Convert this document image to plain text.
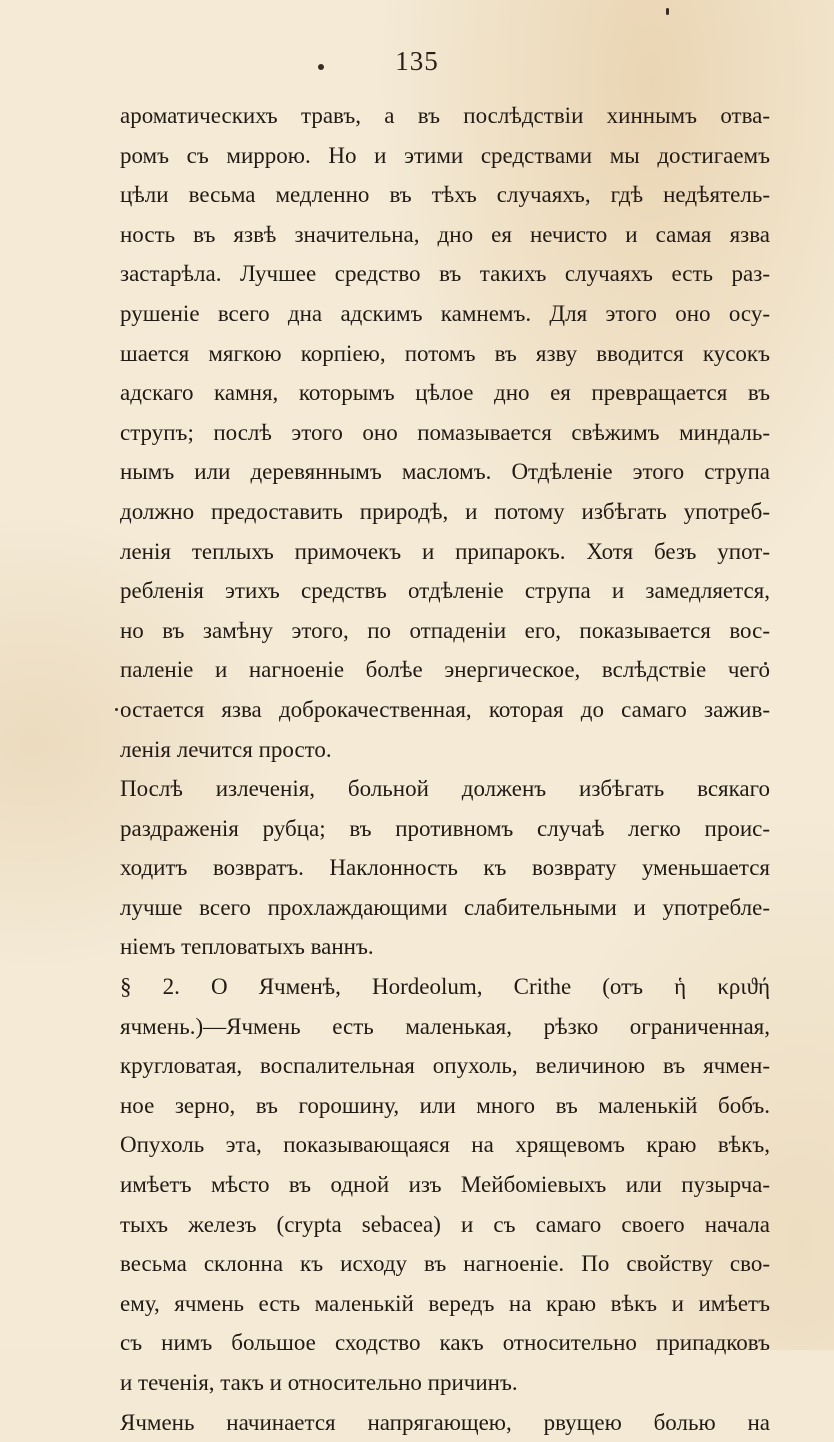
135
ароматическихъ травъ, а въ послѣдствіи хиннымъ отва-
ромъ съ миррою. Но и этими средствами мы достигаемъ
цѣли весьма медленно въ тѣхъ случаяхъ, гдѣ недѣятель-
ность въ язвѣ значительна, дно ея нечисто и самая язва
застарѣла. Лучшее средство въ такихъ случаяхъ есть раз-
рушеніе всего дна адскимъ камнемъ. Для этого оно осу-
шается мягкою корпіею, потомъ въ язву вводится кусокъ
адскаго камня, которымъ цѣлое дно ея превращается въ
струпъ; послѣ этого оно помазывается свѣжимъ миндаль-
нымъ или деревяннымъ масломъ. Отдѣленіе этого струпа
должно предоставить природѣ, и потому избѣгать употреб-
ленія теплыхъ примочекъ и припарокъ. Хотя безъ упот-
ребленія этихъ средствъ отдѣленіе струпа и замедляется,
но въ замѣну этого, по отпаденіи его, показывается вос-
паленіе и нагноеніе болѣе энергическое, вслѣдствіе чего
остается язва доброкачественная, которая до самаго зажив-
ленія лечится просто.
Послѣ излеченія, больной долженъ избѣгать всякаго
раздраженія рубца; въ противномъ случаѣ легко проис-
ходитъ возвратъ. Наклонность къ возврату уменьшается
лучше всего прохлаждающими слабительными и употребле-
ніемъ тепловатыхъ ваннъ.
§ 2. О Ячменѣ, Hordeolum, Crithe (отъ ἡ κριϑή
ячмень.)—Ячмень есть маленькая, рѣзко ограниченная,
кругловатая, воспалительная опухоль, величиною въ ячмен-
ное зерно, въ горошину, или много въ маленькій бобъ.
Опухоль эта, показывающаяся на хрящевомъ краю вѣкъ,
имѣетъ мѣсто въ одной изъ Мейбоміевыхъ или пузырча-
тыхъ железъ (crypta sebacea) и съ самаго своего начала
весьма склонна къ исходу въ нагноеніе. По свойству сво-
ему, ячмень есть маленькій вередъ на краю вѣкъ и имѣетъ
съ нимъ большое сходство какъ относительно припадковъ
и теченія, такъ и относительно причинъ.
Ячмень начинается напрягающею, рвущею болью на
